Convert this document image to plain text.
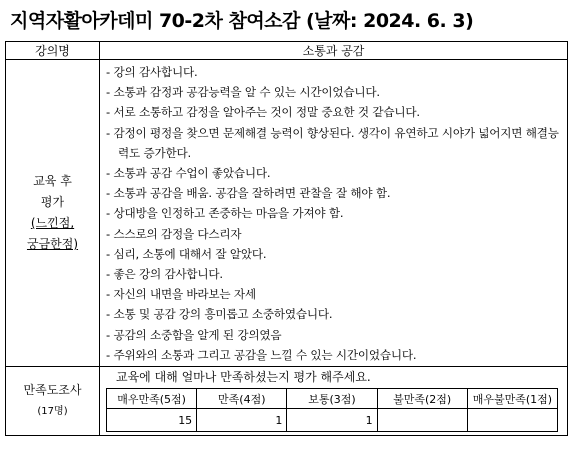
지역자활아카데미 70-2차 참여소감 (날짜: 2024. 6. 3)
강의명	소통과 공감

교육 후
평가
(느낀점,
궁금한점)

- 강의 감사합니다.
- 소통과 감정과 공감능력을 알 수 있는 시간이었습니다.
- 서로 소통하고 감정을 알아주는 것이 정말 중요한 것 같습니다.
- 감정이 평정을 찾으면 문제해결 능력이 향상된다. 생각이 유연하고 시야가 넓어지면 해결능력도 증가한다.
- 소통과 공감 수업이 좋았습니다.
- 소통과 공감을 배움. 공감을 잘하려면 관찰을 잘 해야 함.
- 상대방을 인정하고 존중하는 마음을 가져야 함.
- 스스로의 감정을 다스리자
- 심리, 소통에 대해서 잘 알았다.
- 좋은 강의 감사합니다.
- 자신의 내면을 바라보는 자세
- 소통 및 공감 강의 흥미롭고 소중하였습니다.
- 공감의 소중함을 알게 된 강의였음
- 주위와의 소통과 그리고 공감을 느낄 수 있는 시간이었습니다.

만족도조사
(17명)

교육에 대해 얼마나 만족하셨는지 평가 해주세요.
매우만족(5점)	만족(4점)	보통(3점)	불만족(2점)	매우불만족(1점)
15	1	1		
